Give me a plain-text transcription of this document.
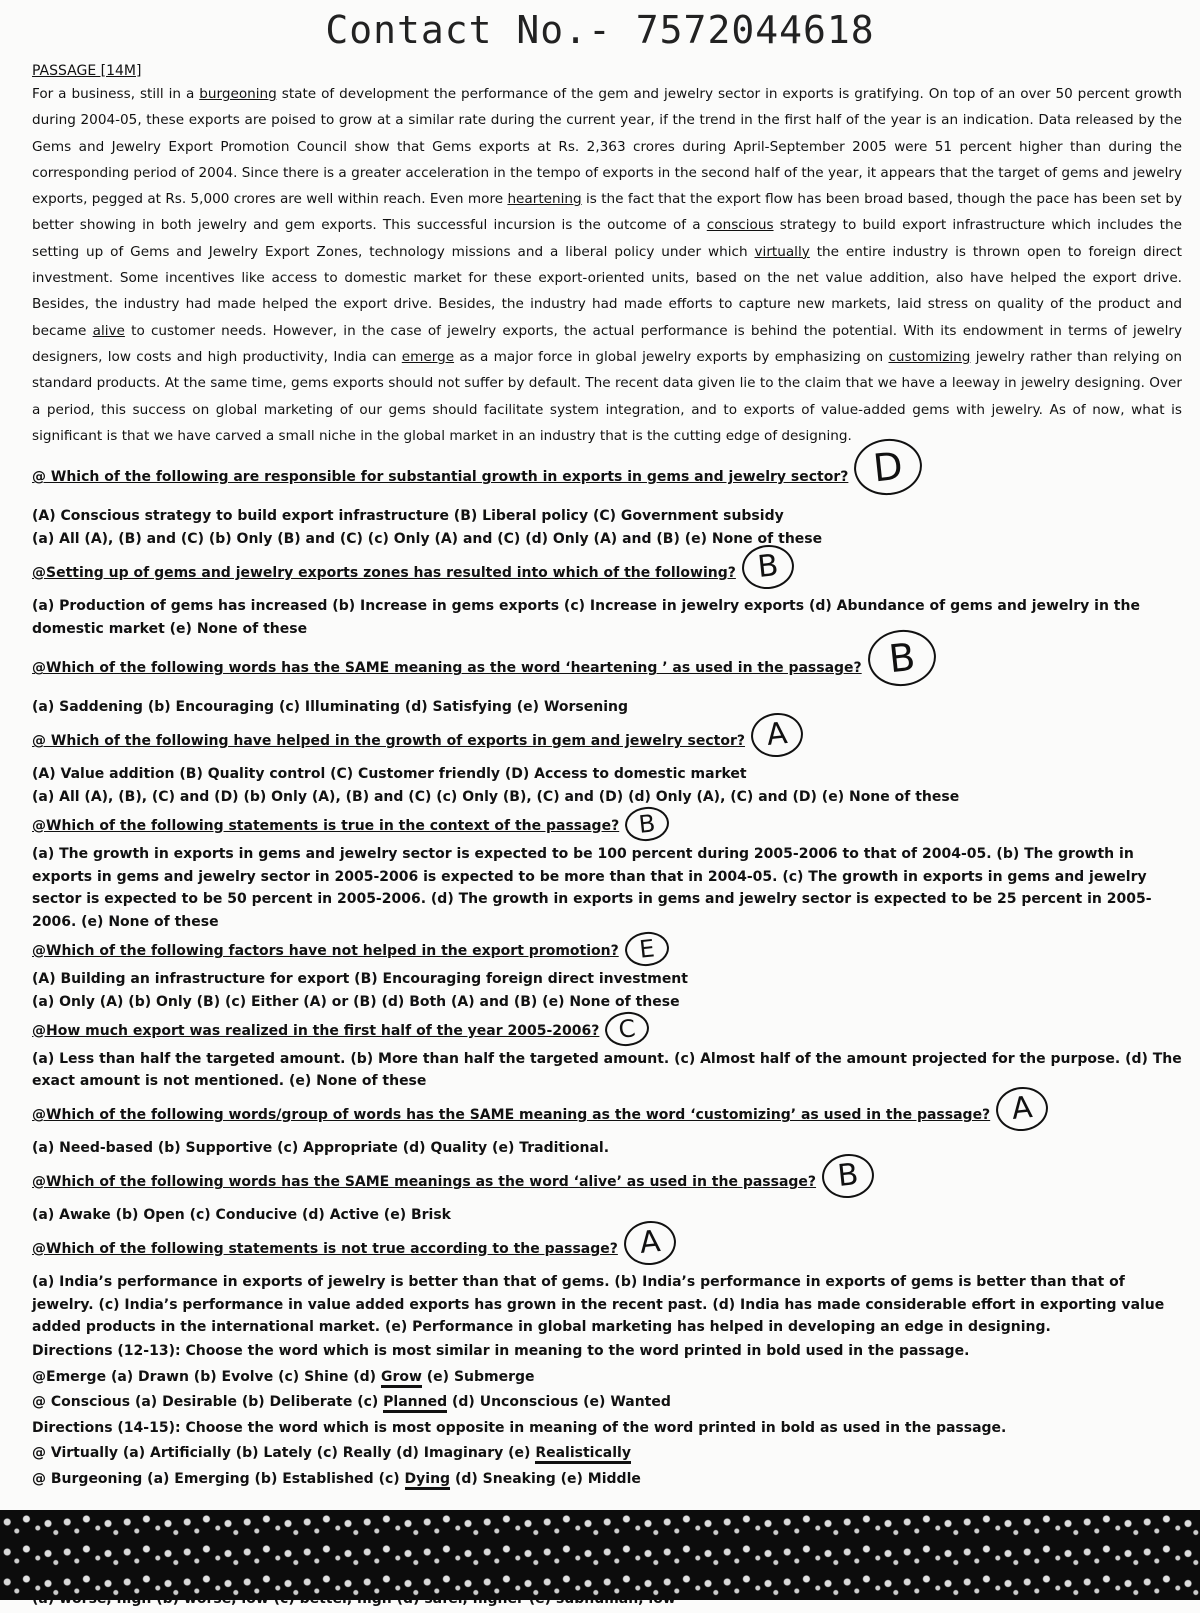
Contact No.- 7572044618
PASSAGE [14M]

For a business, still in a burgeoning state of development the performance of the gem and jewelry sector in exports is gratifying. On top of an over 50 percent growth during 2004-05, these exports are poised to grow at a similar rate during the current year, if the trend in the first half of the year is an indication. Data released by the Gems and Jewelry Export Promotion Council show that Gems exports at Rs. 2,363 crores during April-September 2005 were 51 percent higher than during the corresponding period of 2004. Since there is a greater acceleration in the tempo of exports in the second half of the year, it appears that the target of gems and jewelry exports, pegged at Rs. 5,000 crores are well within reach. Even more heartening is the fact that the export flow has been broad based, though the pace has been set by better showing in both jewelry and gem exports. This successful incursion is the outcome of a conscious strategy to build export infrastructure which includes the setting up of Gems and Jewelry Export Zones, technology missions and a liberal policy under which virtually the entire industry is thrown open to foreign direct investment. Some incentives like access to domestic market for these export-oriented units, based on the net value addition, also have helped the export drive. Besides, the industry had made helped the export drive. Besides, the industry had made efforts to capture new markets, laid stress on quality of the product and became alive to customer needs. However, in the case of jewelry exports, the actual performance is behind the potential. With its endowment in terms of jewelry designers, low costs and high productivity, India can emerge as a major force in global jewelry exports by emphasizing on customizing jewelry rather than relying on standard products. At the same time, gems exports should not suffer by default. The recent data given lie to the claim that we have a leeway in jewelry designing. Over a period, this success on global marketing of our gems should facilitate system integration, and to exports of value-added gems with jewelry. As of now, what is significant is that we have carved a small niche in the global market in an industry that is the cutting edge of designing.

@ Which of the following are responsible for substantial growth in exports in gems and jewelry sector? D
(A) Conscious strategy to build export infrastructure (B) Liberal policy (C) Government subsidy
(a) All (A), (B) and (C) (b) Only (B) and (C) (c) Only (A) and (C) (d) Only (A) and (B) (e) None of these
@Setting up of gems and jewelry exports zones has resulted into which of the following? B
(a) Production of gems has increased (b) Increase in gems exports (c) Increase in jewelry exports (d) Abundance of gems and jewelry in the domestic market (e) None of these
@Which of the following words has the SAME meaning as the word ‘heartening ’ as used in the passage? B
(a) Saddening (b) Encouraging (c) Illuminating (d) Satisfying (e) Worsening
@ Which of the following have helped in the growth of exports in gem and jewelry sector? A
(A) Value addition (B) Quality control (C) Customer friendly (D) Access to domestic market
(a) All (A), (B), (C) and (D) (b) Only (A), (B) and (C) (c) Only (B), (C) and (D) (d) Only (A), (C) and (D) (e) None of these
@Which of the following statements is true in the context of the passage? B
(a) The growth in exports in gems and jewelry sector is expected to be 100 percent during 2005-2006 to that of 2004-05. (b) The growth in exports in gems and jewelry sector in 2005-2006 is expected to be more than that in 2004-05. (c) The growth in exports in gems and jewelry sector is expected to be 50 percent in 2005-2006. (d) The growth in exports in gems and jewelry sector is expected to be 25 percent in 2005-2006. (e) None of these
@Which of the following factors have not helped in the export promotion? E
(A) Building an infrastructure for export (B) Encouraging foreign direct investment
(a) Only (A) (b) Only (B) (c) Either (A) or (B) (d) Both (A) and (B) (e) None of these
@How much export was realized in the first half of the year 2005-2006? C
(a) Less than half the targeted amount. (b) More than half the targeted amount. (c) Almost half of the amount projected for the purpose. (d) The exact amount is not mentioned. (e) None of these
@Which of the following words/group of words has the SAME meaning as the word ‘customizing’ as used in the passage? A
(a) Need-based (b) Supportive (c) Appropriate (d) Quality (e) Traditional.
@Which of the following words has the SAME meanings as the word ‘alive’ as used in the passage? B
(a) Awake (b) Open (c) Conducive (d) Active (e) Brisk
@Which of the following statements is not true according to the passage? A
(a) India’s performance in exports of jewelry is better than that of gems. (b) India’s performance in exports of gems is better than that of jewelry. (c) India’s performance in value added exports has grown in the recent past. (d) India has made considerable effort in exporting value added products in the international market. (e) Performance in global marketing has helped in developing an edge in designing.
Directions (12-13): Choose the word which is most similar in meaning to the word printed in bold used in the passage.
@Emerge (a) Drawn (b) Evolve (c) Shine (d) Grow (e) Submerge
@ Conscious (a) Desirable (b) Deliberate (c) Planned (d) Unconscious (e) Wanted
Directions (14-15): Choose the word which is most opposite in meaning of the word printed in bold as used in the passage.
@ Virtually (a) Artificially (b) Lately (c) Really (d) Imaginary (e) Realistically
@ Burgeoning (a) Emerging (b) Established (c) Dying (d) Sneaking (e) Middle
